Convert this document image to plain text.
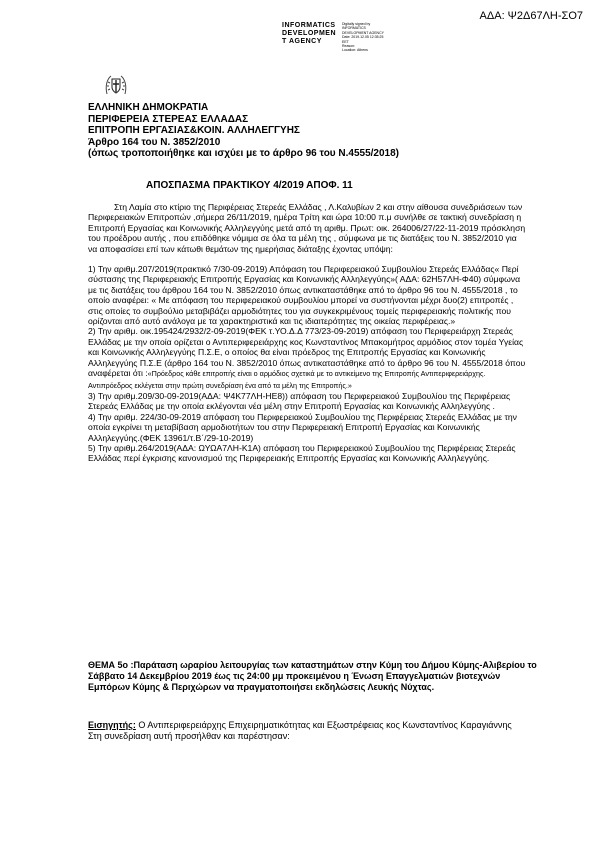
ΑΔΑ: Ψ2Δ67ΛΗ-ΣΟ7
INFORMATICS
DEVELOPMEN
T AGENCY
Digitally signed by
INFORMATICS
DEVELOPMENT AGENCY
Date: 2019.12.05 12:35:25
EET
Reason:
Location: Athens
ΕΛΛΗΝΙΚΗ ΔΗΜΟΚΡΑΤΙΑ
ΠΕΡΙΦΕΡΕΙΑ ΣΤΕΡΕΑΣ ΕΛΛΑΔΑΣ
ΕΠΙΤΡΟΠΗ ΕΡΓΑΣΙΑΣ&ΚΟΙΝ. ΑΛΛΗΛΕΓΓΥΗΣ
Άρθρο 164 του Ν. 3852/2010
(όπως τροποποιήθηκε και ισχύει με το άρθρο 96 του Ν.4555/2018)
ΑΠΟΣΠΑΣΜΑ ΠΡΑΚΤΙΚΟΥ 4/2019 ΑΠΟΦ. 11

Στη Λαμία στο κτίριο της Περιφέρειας Στερεάς Ελλάδας , Λ.Καλυβίων 2 και στην αίθουσα συνεδριάσεων των Περιφερειακών Επιτροπών ,σήμερα 26/11/2019, ημέρα Τρίτη και ώρα 10:00 π.μ συνήλθε σε τακτική συνεδρίαση η Επιτροπή Εργασίας και Κοινωνικής Αλληλεγγύης μετά από τη αριθμ. Πρωτ: οικ. 264006/27/22-11-2019 πρόσκληση του προέδρου αυτής , που επιδόθηκε νόμιμα σε όλα τα μέλη της , σύμφωνα με τις διατάξεις του Ν. 3852/2010 για να αποφασίσει επί των κάτωθι θεμάτων της ημερήσιας διάταξης έχοντας υπόψη:

1) Την αριθμ.207/2019(πρακτικό 7/30-09-2019) Απόφαση του Περιφερειακού Συμβουλίου Στερεάς Ελλάδας« Περί σύστασης της Περιφερειακής Επιτροπής Εργασίας και Κοινωνικής Αλληλεγγύης»( ΑΔΑ: 62Η57ΛΗ-Φ40) σύμφωνα με τις διατάξεις του άρθρου 164 του Ν. 3852/2010 όπως αντικαταστάθηκε από το άρθρο 96 του Ν. 4555/2018 , το οποίο αναφέρει: « Με απόφαση του περιφερειακού συμβουλίου μπορεί να συστήνονται μέχρι δυο(2) επιτροπές , στις οποίες το συμβούλιο μεταβιβάζει αρμοδιότητες του για συγκεκριμένους τομείς περιφερειακής πολιτικής που ορίζονται από αυτό ανάλογα με τα χαρακτηριστικά και τις ιδιαιτερότητες της οικείας περιφέρειας.»

2) Την αριθμ. οικ.195424/2932/2-09-2019(ΦΕΚ τ.ΥΟ.Δ.Δ 773/23-09-2019) απόφαση του Περιφερειάρχη Στερεάς Ελλάδας με την οποία ορίζεται ο Αντιπεριφερειάρχης κος Κωνσταντίνος Μπακομήτρος αρμόδιος στον τομέα Υγείας και Κοινωνικής Αλληλεγγύης Π.Σ.Ε, ο οποίος θα είναι πρόεδρος της Επιτροπής Εργασίας και Κοινωνικής Αλληλεγγύης Π.Σ.Ε (άρθρο 164 του Ν. 3852/2010 όπως αντικαταστάθηκε από το άρθρο 96 του Ν. 4555/2018 όπου αναφέρεται ότι :«Πρόεδρος κάθε επιτροπής είναι ο αρμόδιος σχετικά με το αντικείμενο της Επιτροπής Αντιπεριφερειάρχης. Αντιπρόεδρος εκλέγεται στην πρώτη συνεδρίαση ένα από τα μέλη της Επιτροπής.»

3) Την αριθμ.209/30-09-2019(ΑΔΑ: Ψ4Κ77ΛΗ-ΗΕ8)) απόφαση του Περιφερειακού Συμβουλίου της Περιφέρειας Στερεάς Ελλάδας με την οποία εκλέγονται νέα μέλη στην Επιτροπή Εργασίας και Κοινωνικής Αλληλεγγύης .

4) Την αριθμ. 224/30-09-2019 απόφαση του Περιφερειακού Συμβουλίου της Περιφέρειας Στερεάς Ελλάδας με την οποία εγκρίνει τη μεταβίβαση αρμοδιοτήτων του στην Περιφερειακή Επιτροπή Εργασίας και Κοινωνικής Αλληλεγγύης.(ΦΕΚ 13961/τ.Β΄/29-10-2019)

5) Την αριθμ.264/2019(ΑΔΑ: ΩΥΩΑ7ΛΗ-Κ1Α) απόφαση του Περιφερειακού Συμβουλίου της Περιφέρειας Στερεάς Ελλάδας περί έγκρισης κανονισμού της Περιφερειακής Επιτροπής Εργασίας και Κοινωνικής Αλληλεγγύης.

ΘΕΜΑ 5ο :Παράταση ωραρίου λειτουργίας των καταστημάτων στην Κύμη του Δήμου Κύμης-Αλιβερίου το Σάββατο 14 Δεκεμβρίου 2019 έως τις 24:00 μμ προκειμένου η Ένωση Επαγγελματιών βιοτεχνών Εμπόρων Κύμης & Περιχώρων να πραγματοποιήσει εκδηλώσεις Λευκής Νύχτας.
Εισηγητής: Ο Αντιπεριφερειάρχης Επιχειρηματικότητας και Εξωστρέφειας κος Κωνσταντίνος Καραγιάννης
Στη συνεδρίαση αυτή προσήλθαν και παρέστησαν:
